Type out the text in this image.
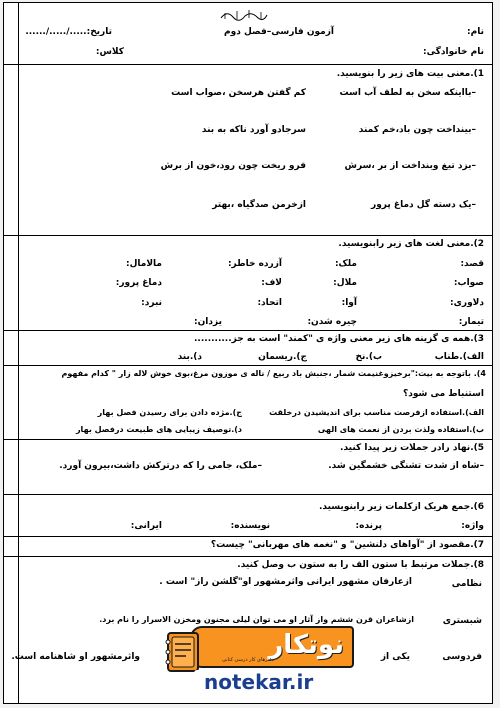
نام:
آزمون فارسی–فصل دوم
تاریخ:...../...../......
نام خانوادگی:
کلاس:
1).معنی بیت های زیر را بنویسید.
–بااینکه سخن به لطف آب است
کم گفتن هرسخن ،صواب است
–بینداخت چون باد،خم کمند
سرجادو آورد ناکه به بند
–بزد تیغ وبنداخت از بر ،سرش
فرو ریخت چون رود،خون از برش
–یک دسته گل دماغ پرور
ازخرمن صدگیاه ،بهتر
2).معنی لغت های زیر رابنویسید.
قصد:
ملک:
آزرده خاطر:
مالامال:
صواب:
ملال:
لاف:
دماغ پرور:
دلاوری:
آوا:
اتحاد:
نبرد:
تیمار:
چیره شدن:
یزدان:
3).همه ی گزینه های زیر معنی واژه ی "کمند" است به جز...........
الف).طناب
ب).نخ
ج).ریسمان
د).بند
4). باتوجه به بیت:"برخیزوغنیمت شمار ،جنبش باد ربیع / ناله ی موزون مرغ،بوی خوش لاله زار " کدام مفهوم
استنباط می شود؟
الف).استفاده ازفرصت مناسب برای اندیشیدن درخلقت
ج).مژده دادن برای رسیدن فصل بهار
ب).استفاده ولذت بردن از نعمت های الهی
د).توصیف زیبایی های طبیعت درفصل بهار
5).نهاد رادر جملات زیر پیدا کنید.
–ملک، جامی را که درترکش داشت،بیرون آورد.	–شاه از شدت تشنگی خشمگین شد.
6).جمع هریک ازکلمات زیر رابنویسید.
واژه:
پرنده:
نویسنده:
ایرانی:
7).مقصود از "آواهای دلنشین" و "نغمه های مهربانی" چیست؟
8).جملات مرتبط با ستون الف را به ستون ب وصل کنید.
نظامی
ازعارفان مشهور ایرانی واثرمشهور او"گلشن راز" است .
شبستری
ازشاعران قرن ششم واز آثار او می توان لیلی مجنون ومخزن الاسرار را نام برد.
فردوسی
یکی از
واثرمشهور او شاهنامه است.	نوتکار
دفترهای کار درسی کتابی
notekar.ir
